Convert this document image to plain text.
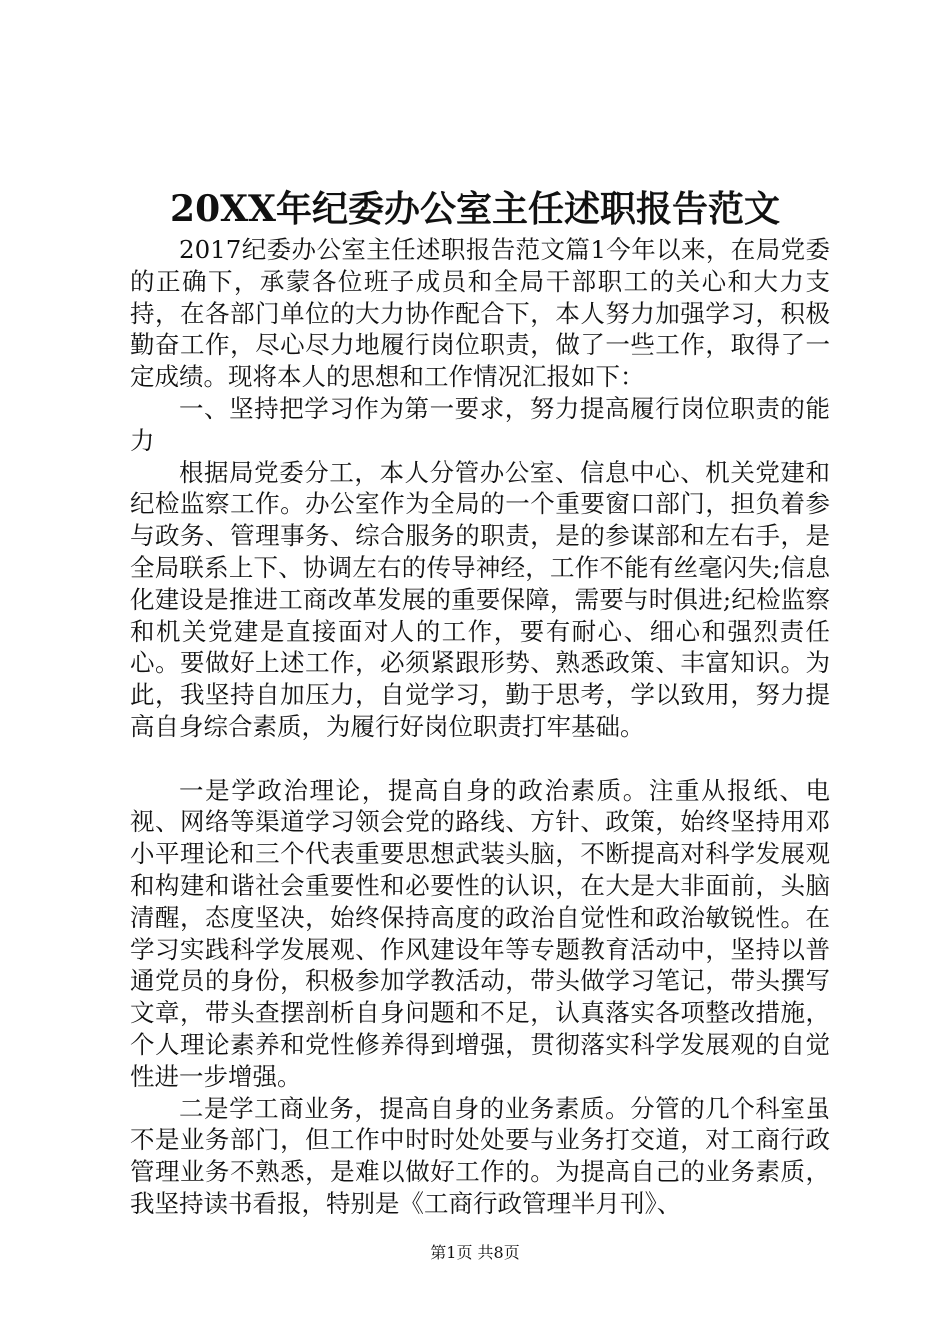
20XX年纪委办公室主任述职报告范文

2017纪委办公室主任述职报告范文篇1今年以来，在局党委的正确下，承蒙各位班子成员和全局干部职工的关心和大力支持，在各部门单位的大力协作配合下，本人努力加强学习，积极勤奋工作，尽心尽力地履行岗位职责，做了一些工作，取得了一定成绩。现将本人的思想和工作情况汇报如下：

一、坚持把学习作为第一要求，努力提高履行岗位职责的能力

根据局党委分工，本人分管办公室、信息中心、机关党建和纪检监察工作。办公室作为全局的一个重要窗口部门，担负着参与政务、管理事务、综合服务的职责，是的参谋部和左右手，是全局联系上下、协调左右的传导神经，工作不能有丝毫闪失;信息化建设是推进工商改革发展的重要保障，需要与时俱进;纪检监察和机关党建是直接面对人的工作，要有耐心、细心和强烈责任心。要做好上述工作，必须紧跟形势、熟悉政策、丰富知识。为此，我坚持自加压力，自觉学习，勤于思考，学以致用，努力提高自身综合素质，为履行好岗位职责打牢基础。

一是学政治理论，提高自身的政治素质。注重从报纸、电视、网络等渠道学习领会党的路线、方针、政策，始终坚持用邓小平理论和三个代表重要思想武装头脑，不断提高对科学发展观和构建和谐社会重要性和必要性的认识，在大是大非面前，头脑清醒，态度坚决，始终保持高度的政治自觉性和政治敏锐性。在学习实践科学发展观、作风建设年等专题教育活动中，坚持以普通党员的身份，积极参加学教活动，带头做学习笔记，带头撰写文章，带头查摆剖析自身问题和不足，认真落实各项整改措施，个人理论素养和党性修养得到增强，贯彻落实科学发展观的自觉性进一步增强。

二是学工商业务，提高自身的业务素质。分管的几个科室虽不是业务部门，但工作中时时处处要与业务打交道，对工商行政管理业务不熟悉，是难以做好工作的。为提高自己的业务素质，我坚持读书看报，特别是《工商行政管理半月刊》、

第1页 共8页
